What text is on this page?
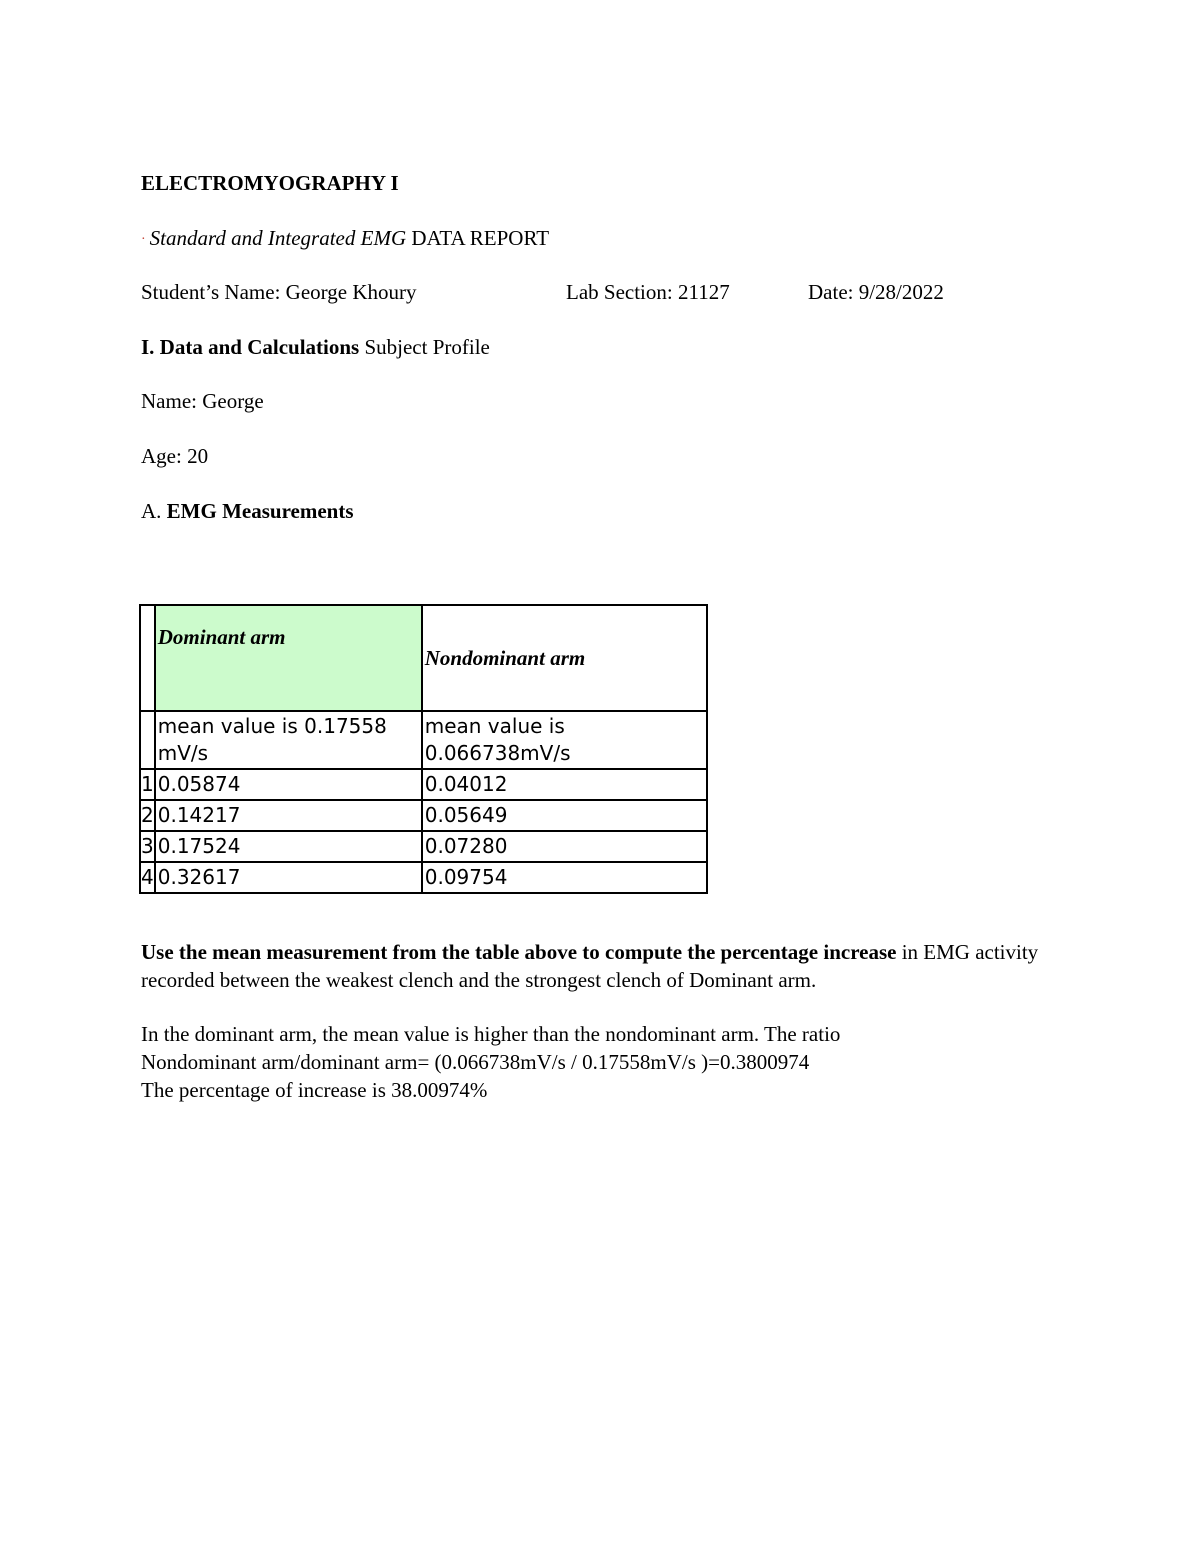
ELECTROMYOGRAPHY I
· Standard and Integrated EMG DATA REPORT
Student’s Name: George Khoury	Lab Section: 21127	Date: 9/28/2022
I. Data and Calculations Subject Profile
Name: George
Age: 20
A. EMG Measurements
	Dominant arm	Nondominant arm
	mean value is 0.17558 mV/s	mean value is 0.066738mV/s
1	0.05874	0.04012
2	0.14217	0.05649
3	0.17524	0.07280
4	0.32617	0.09754
Use the mean measurement from the table above to compute the percentage increase in EMG activity recorded between the weakest clench and the strongest clench of Dominant arm.
In the dominant arm, the mean value is higher than the nondominant arm. The ratio
Nondominant arm/dominant arm= (0.066738mV/s / 0.17558mV/s )=0.3800974
The percentage of increase is 38.00974%
